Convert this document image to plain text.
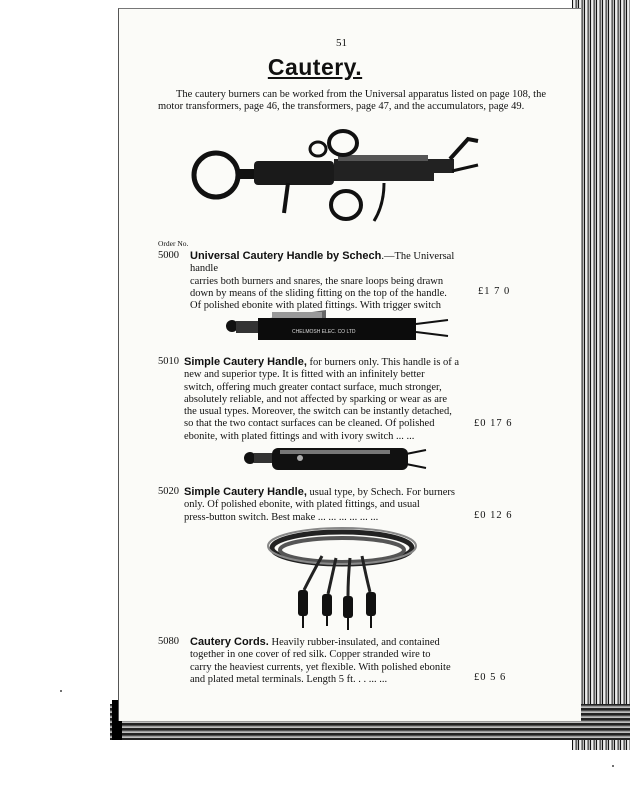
51
Cautery.
The cautery burners can be worked from the Universal apparatus listed on page 108, the motor transformers, page 46, the transformers, page 47, and the accumulators, page 49.
Order No.
5000 Universal Cautery Handle by Schech.—The Universal handle
carries both burners and snares, the snare loops being drawn
down by means of the sliding fitting on the top of the handle.
Of polished ebonite with plated fittings. With trigger switch
£1 7 0
CHELMOSH ELEC. CO LTD
5010 Simple Cautery Handle, for burners only. This handle is of a
new and superior type. It is fitted with an infinitely better
switch, offering much greater contact surface, much stronger,
absolutely reliable, and not affected by sparking or wear as are
the usual types. Moreover, the switch can be instantly detached,
so that the two contact surfaces can be cleaned. Of polished
ebonite, with plated fittings and with ivory switch ... ...
£0 17 6
5020 Simple Cautery Handle, usual type, by Schech. For burners
only. Of polished ebonite, with plated fittings, and usual
press-button switch. Best make ... ... ... ... ... ...	£0 12 6
5080 Cautery Cords. Heavily rubber-insulated, and contained
together in one cover of red silk. Copper stranded wire to
carry the heaviest currents, yet flexible. With polished ebonite
and plated metal terminals. Length 5 ft. . . ... ...	£0 5 6
